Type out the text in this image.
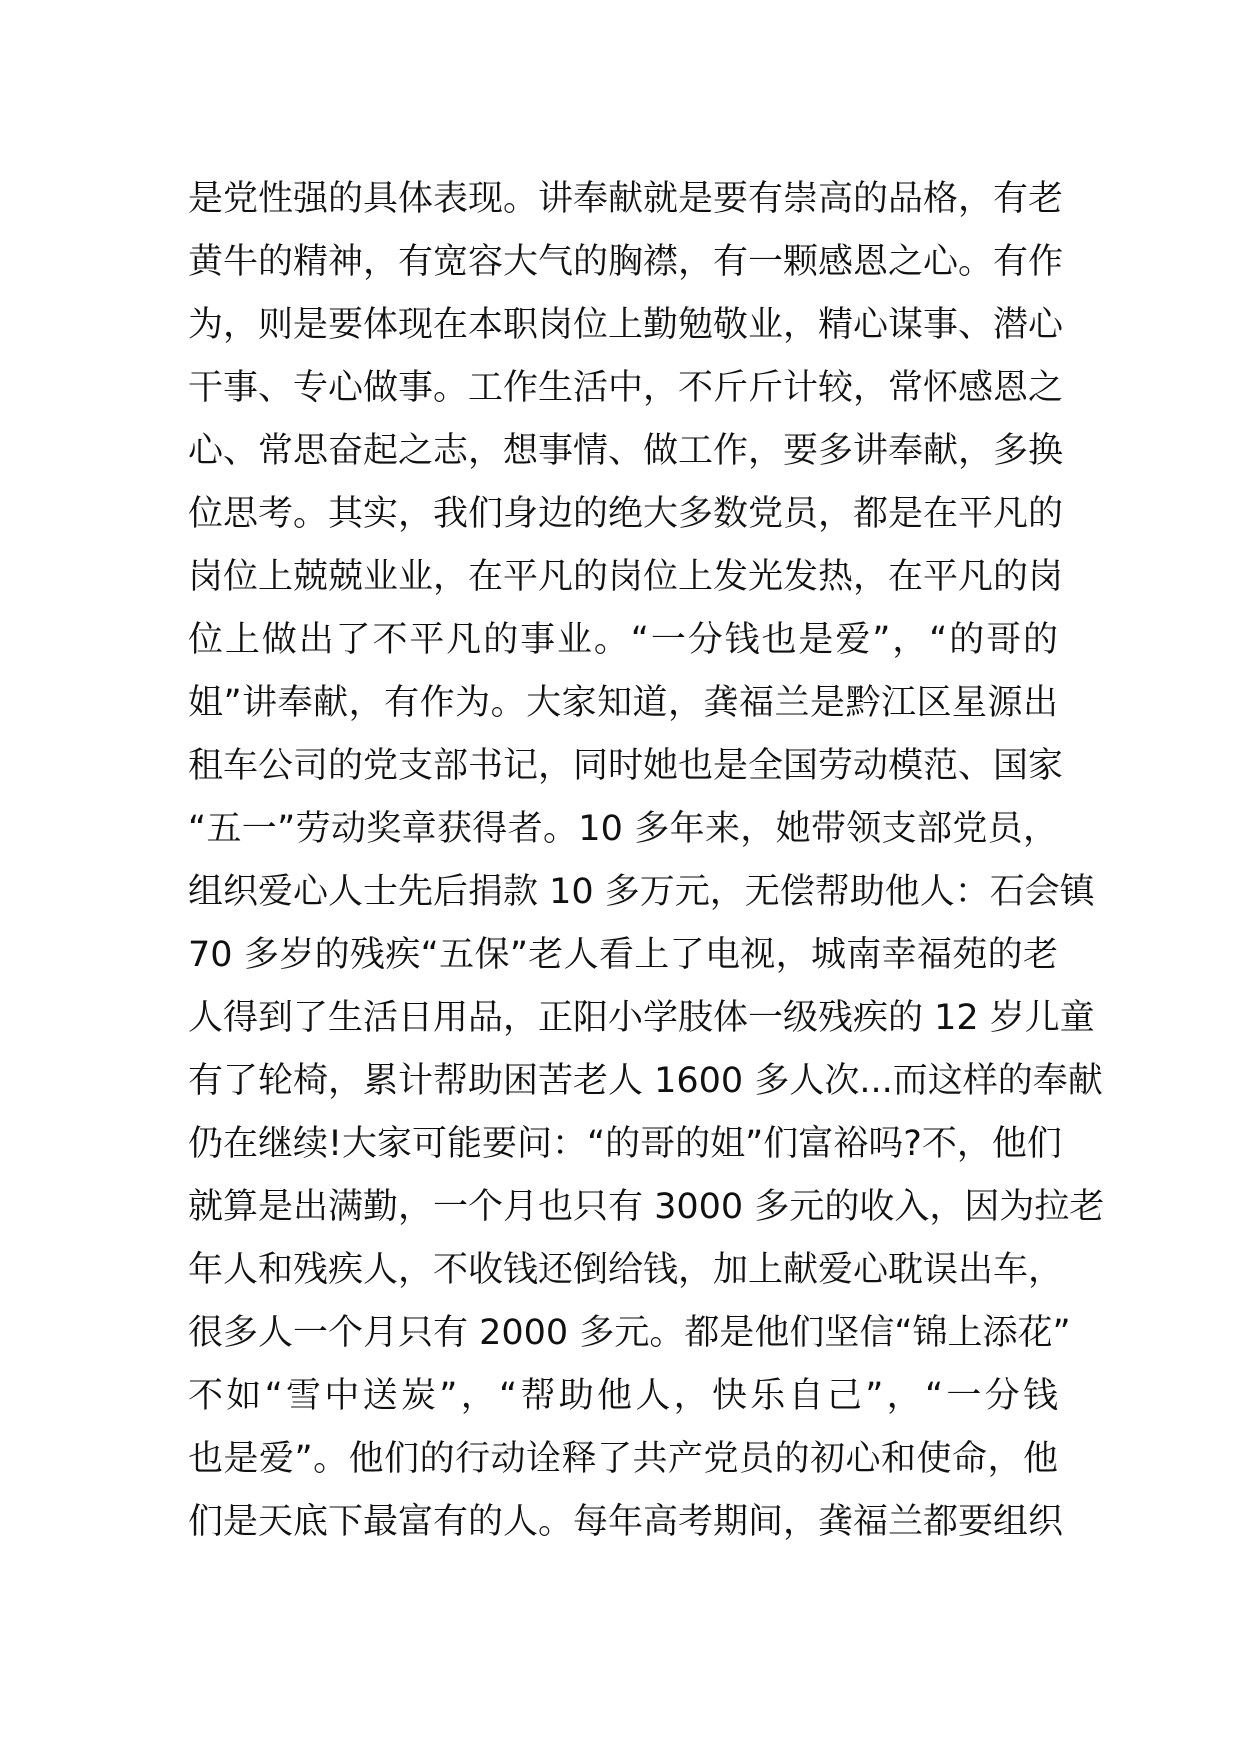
是党性强的具体表现。讲奉献就是要有崇高的品格，有老
黄牛的精神，有宽容大气的胸襟，有一颗感恩之心。有作
为，则是要体现在本职岗位上勤勉敬业，精心谋事、潜心
干事、专心做事。工作生活中，不斤斤计较，常怀感恩之
心、常思奋起之志，想事情、做工作，要多讲奉献，多换
位思考。其实，我们身边的绝大多数党员，都是在平凡的
岗位上兢兢业业，在平凡的岗位上发光发热，在平凡的岗
位上做出了不平凡的事业。“一分钱也是爱”，“的哥的
姐”讲奉献，有作为。大家知道，龚福兰是黔江区星源出
租车公司的党支部书记，同时她也是全国劳动模范、国家
“五一”劳动奖章获得者。10 多年来，她带领支部党员，
组织爱心人士先后捐款 10 多万元，无偿帮助他人：石会镇
70 多岁的残疾“五保”老人看上了电视，城南幸福苑的老
人得到了生活日用品，正阳小学肢体一级残疾的 12 岁儿童
有了轮椅，累计帮助困苦老人 1600 多人次...而这样的奉献
仍在继续!大家可能要问：“的哥的姐”们富裕吗?不，他们
就算是出满勤，一个月也只有 3000 多元的收入，因为拉老
年人和残疾人，不收钱还倒给钱，加上献爱心耽误出车，
很多人一个月只有 2000 多元。都是他们坚信“锦上添花”
不如“雪中送炭”，“帮助他人，快乐自己”，“一分钱
也是爱”。他们的行动诠释了共产党员的初心和使命，他
们是天底下最富有的人。每年高考期间，龚福兰都要组织
